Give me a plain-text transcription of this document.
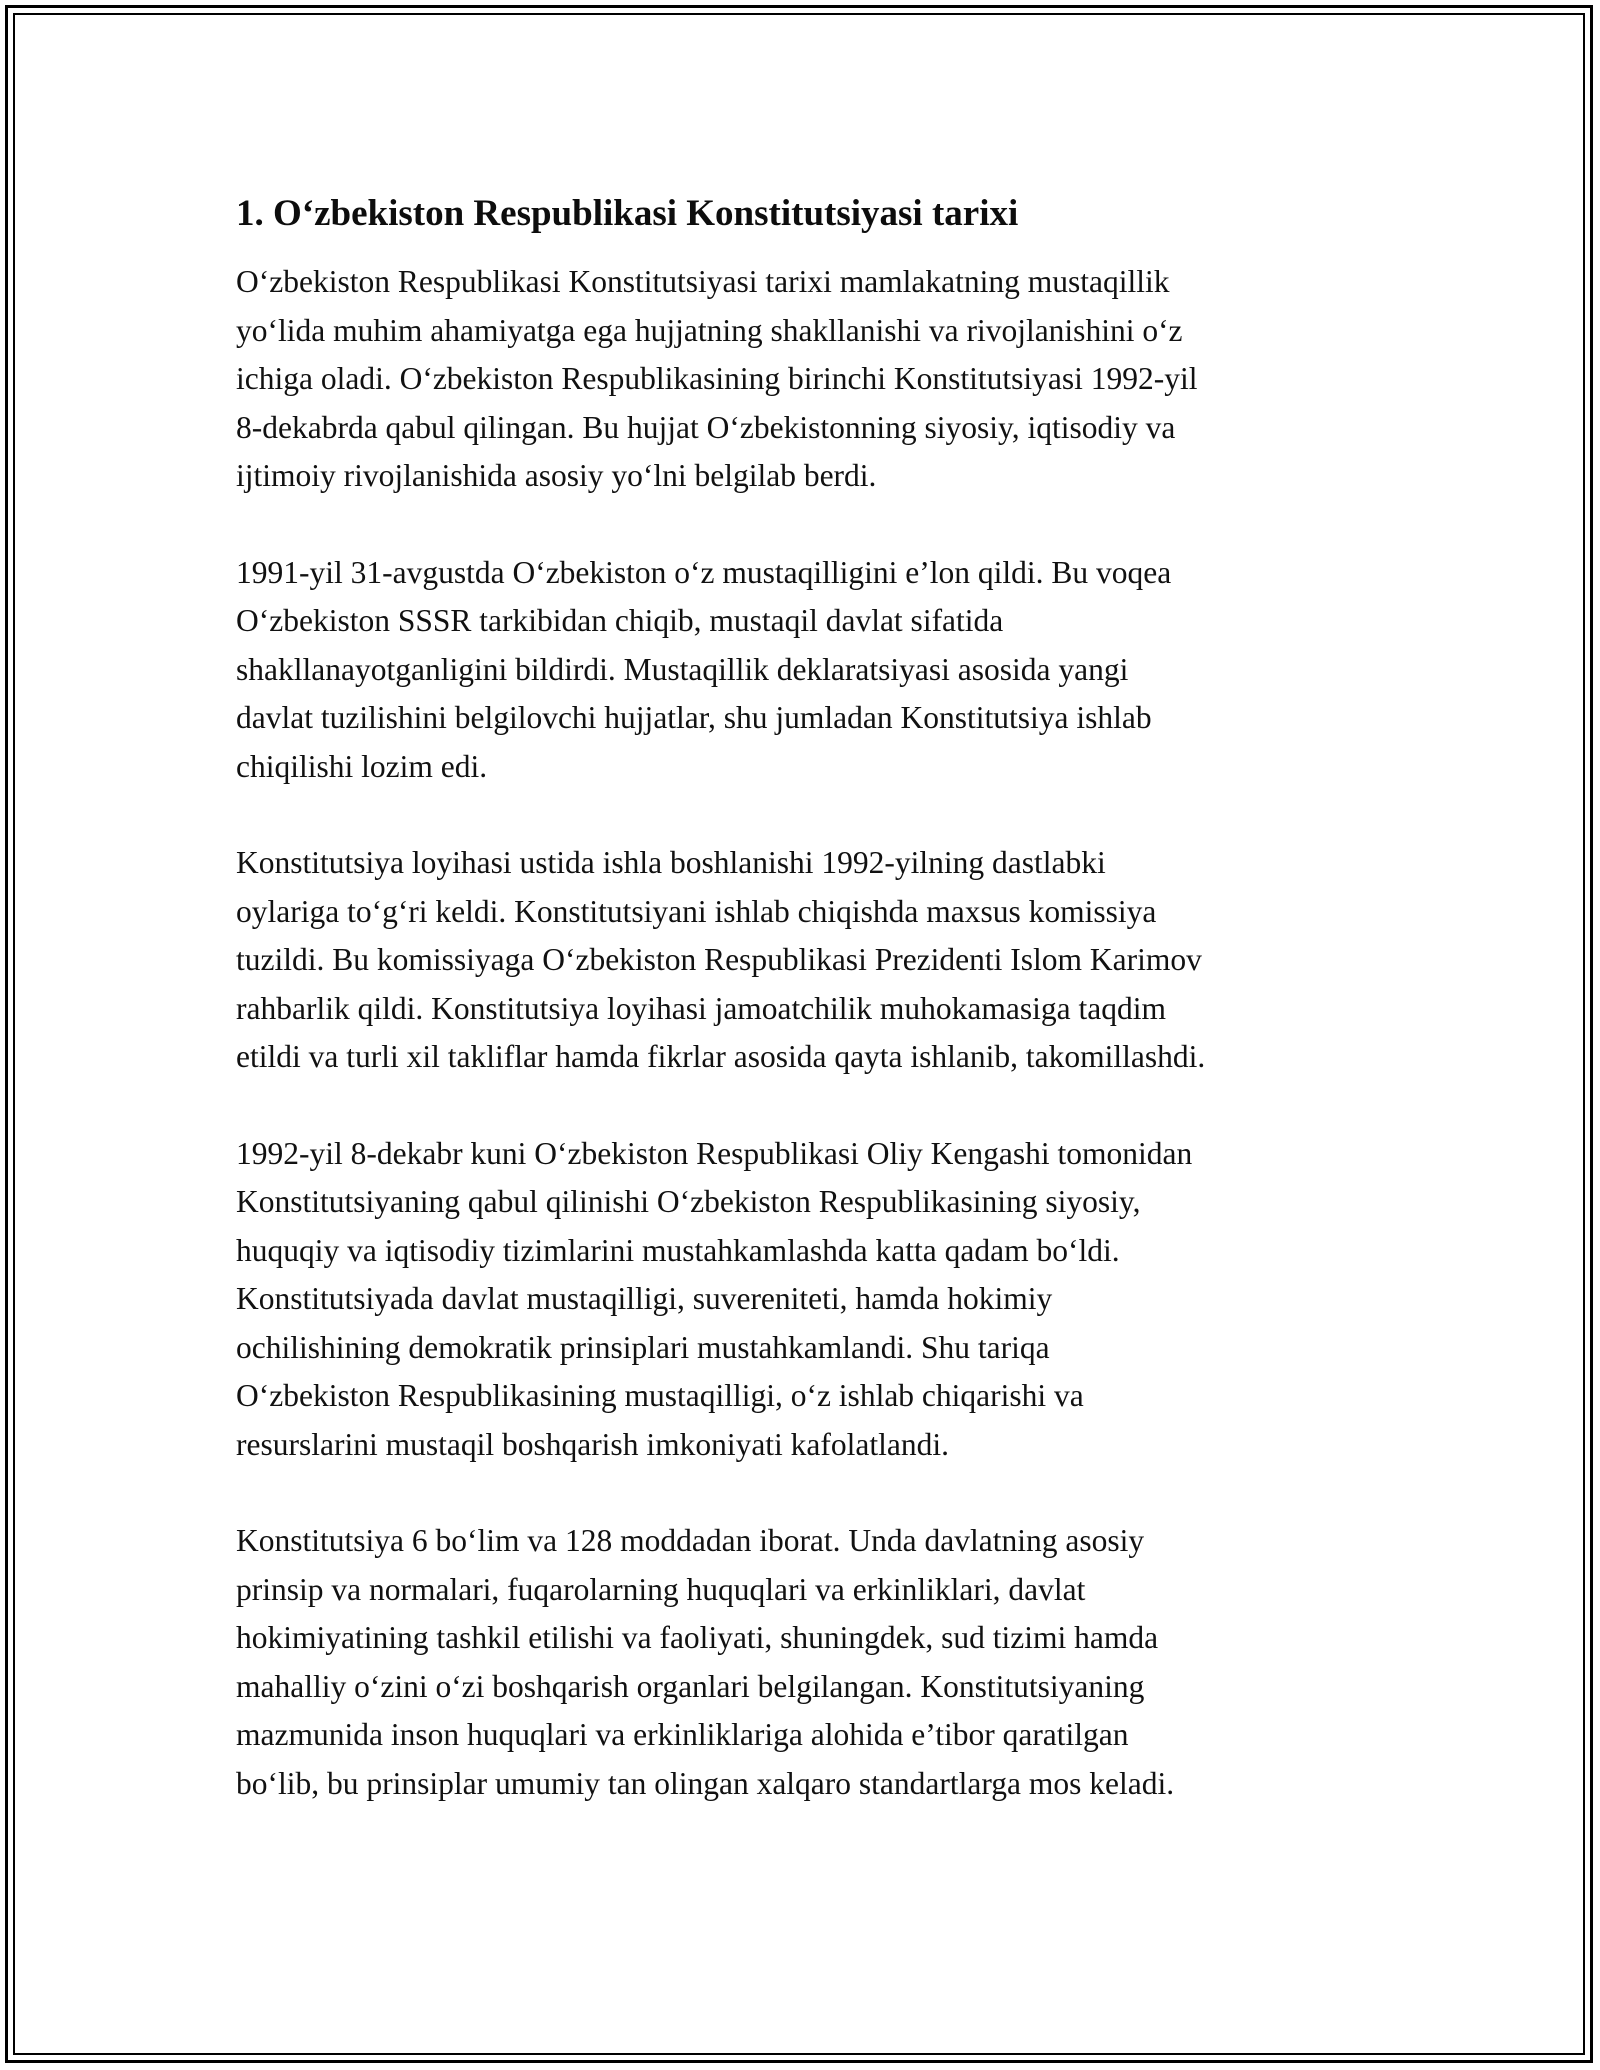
1. O‘zbekiston Respublikasi Konstitutsiyasi tarixi
O‘zbekiston Respublikasi Konstitutsiyasi tarixi mamlakatning mustaqillik
yo‘lida muhim ahamiyatga ega hujjatning shakllanishi va rivojlanishini o‘z
ichiga oladi. O‘zbekiston Respublikasining birinchi Konstitutsiyasi 1992-yil
8-dekabrda qabul qilingan. Bu hujjat O‘zbekistonning siyosiy, iqtisodiy va
ijtimoiy rivojlanishida asosiy yo‘lni belgilab berdi.
1991-yil 31-avgustda O‘zbekiston o‘z mustaqilligini e’lon qildi. Bu voqea
O‘zbekiston SSSR tarkibidan chiqib, mustaqil davlat sifatida
shakllanayotganligini bildirdi. Mustaqillik deklaratsiyasi asosida yangi
davlat tuzilishini belgilovchi hujjatlar, shu jumladan Konstitutsiya ishlab
chiqilishi lozim edi.
Konstitutsiya loyihasi ustida ishla boshlanishi 1992-yilning dastlabki
oylariga to‘g‘ri keldi. Konstitutsiyani ishlab chiqishda maxsus komissiya
tuzildi. Bu komissiyaga O‘zbekiston Respublikasi Prezidenti Islom Karimov
rahbarlik qildi. Konstitutsiya loyihasi jamoatchilik muhokamasiga taqdim
etildi va turli xil takliflar hamda fikrlar asosida qayta ishlanib, takomillashdi.
1992-yil 8-dekabr kuni O‘zbekiston Respublikasi Oliy Kengashi tomonidan
Konstitutsiyaning qabul qilinishi O‘zbekiston Respublikasining siyosiy,
huquqiy va iqtisodiy tizimlarini mustahkamlashda katta qadam bo‘ldi.
Konstitutsiyada davlat mustaqilligi, suvereniteti, hamda hokimiy
ochilishining demokratik prinsiplari mustahkamlandi. Shu tariqa
O‘zbekiston Respublikasining mustaqilligi, o‘z ishlab chiqarishi va
resurslarini mustaqil boshqarish imkoniyati kafolatlandi.
Konstitutsiya 6 bo‘lim va 128 moddadan iborat. Unda davlatning asosiy
prinsip va normalari, fuqarolarning huquqlari va erkinliklari, davlat
hokimiyatining tashkil etilishi va faoliyati, shuningdek, sud tizimi hamda
mahalliy o‘zini o‘zi boshqarish organlari belgilangan. Konstitutsiyaning
mazmunida inson huquqlari va erkinliklariga alohida e’tibor qaratilgan
bo‘lib, bu prinsiplar umumiy tan olingan xalqaro standartlarga mos keladi.
